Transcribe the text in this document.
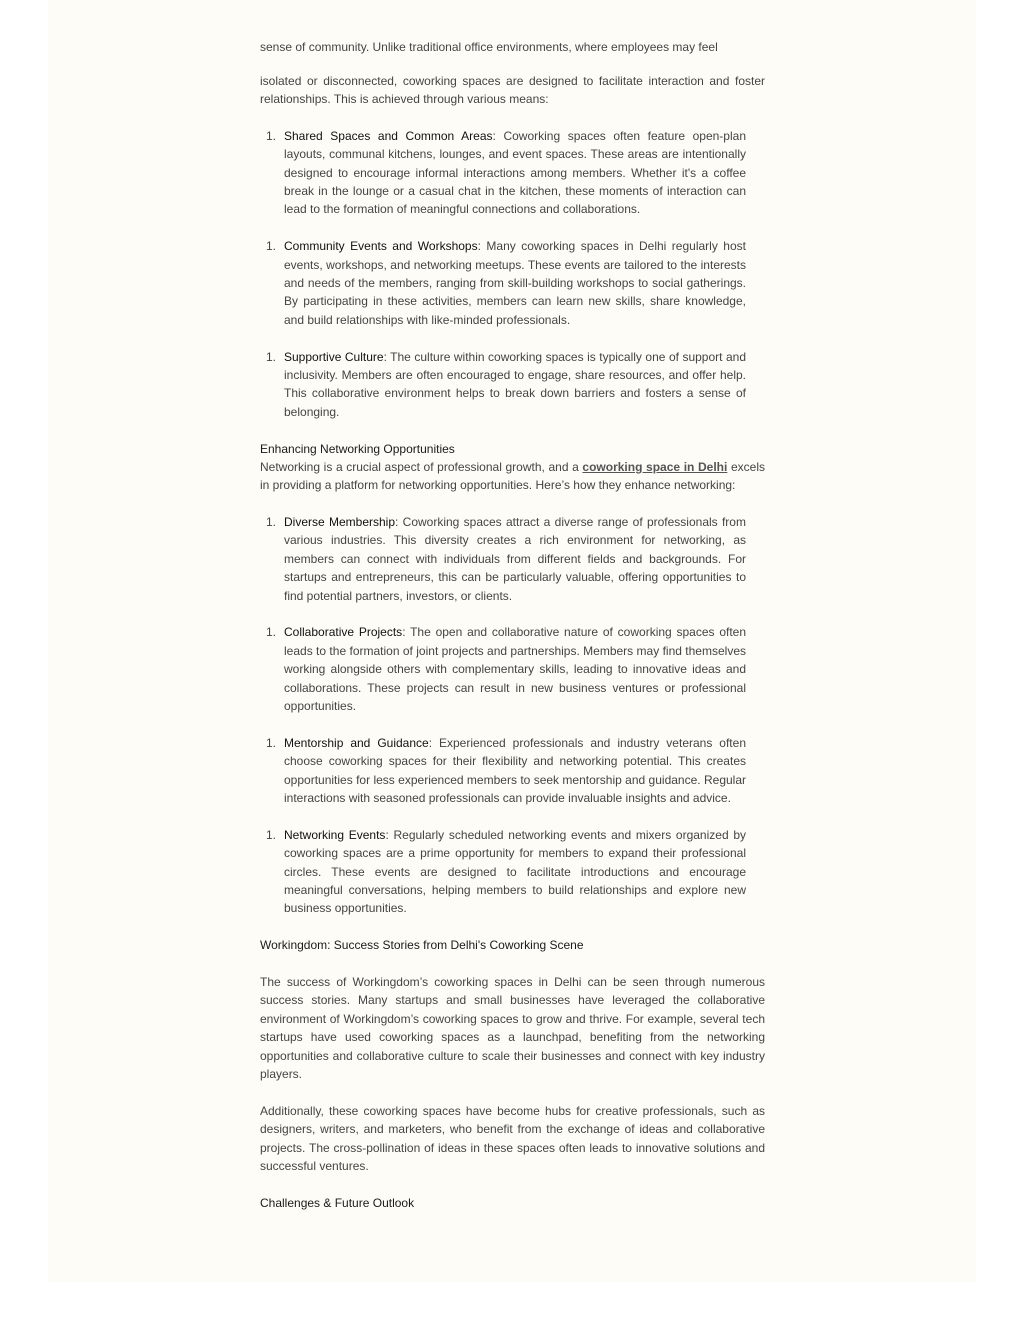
sense of community. Unlike traditional office environments, where employees may feel

isolated or disconnected, coworking spaces are designed to facilitate interaction and foster relationships. This is achieved through various means:

1. Shared Spaces and Common Areas: Coworking spaces often feature open-plan layouts, communal kitchens, lounges, and event spaces. These areas are intentionally designed to encourage informal interactions among members. Whether it's a coffee break in the lounge or a casual chat in the kitchen, these moments of interaction can lead to the formation of meaningful connections and collaborations.
1. Community Events and Workshops: Many coworking spaces in Delhi regularly host events, workshops, and networking meetups. These events are tailored to the interests and needs of the members, ranging from skill-building workshops to social gatherings. By participating in these activities, members can learn new skills, share knowledge, and build relationships with like-minded professionals.
1. Supportive Culture: The culture within coworking spaces is typically one of support and inclusivity. Members are often encouraged to engage, share resources, and offer help. This collaborative environment helps to break down barriers and fosters a sense of belonging.

Enhancing Networking Opportunities

Networking is a crucial aspect of professional growth, and a coworking space in Delhi excels in providing a platform for networking opportunities. Here’s how they enhance networking:

1. Diverse Membership: Coworking spaces attract a diverse range of professionals from various industries. This diversity creates a rich environment for networking, as members can connect with individuals from different fields and backgrounds. For startups and entrepreneurs, this can be particularly valuable, offering opportunities to find potential partners, investors, or clients.
1. Collaborative Projects: The open and collaborative nature of coworking spaces often leads to the formation of joint projects and partnerships. Members may find themselves working alongside others with complementary skills, leading to innovative ideas and collaborations. These projects can result in new business ventures or professional opportunities.
1. Mentorship and Guidance: Experienced professionals and industry veterans often choose coworking spaces for their flexibility and networking potential. This creates opportunities for less experienced members to seek mentorship and guidance. Regular interactions with seasoned professionals can provide invaluable insights and advice.
1. Networking Events: Regularly scheduled networking events and mixers organized by coworking spaces are a prime opportunity for members to expand their professional circles. These events are designed to facilitate introductions and encourage meaningful conversations, helping members to build relationships and explore new business opportunities.

Workingdom: Success Stories from Delhi's Coworking Scene

The success of Workingdom’s coworking spaces in Delhi can be seen through numerous success stories. Many startups and small businesses have leveraged the collaborative environment of Workingdom’s coworking spaces to grow and thrive. For example, several tech startups have used coworking spaces as a launchpad, benefiting from the networking opportunities and collaborative culture to scale their businesses and connect with key industry players.

Additionally, these coworking spaces have become hubs for creative professionals, such as designers, writers, and marketers, who benefit from the exchange of ideas and collaborative projects. The cross-pollination of ideas in these spaces often leads to innovative solutions and successful ventures.

Challenges & Future Outlook
